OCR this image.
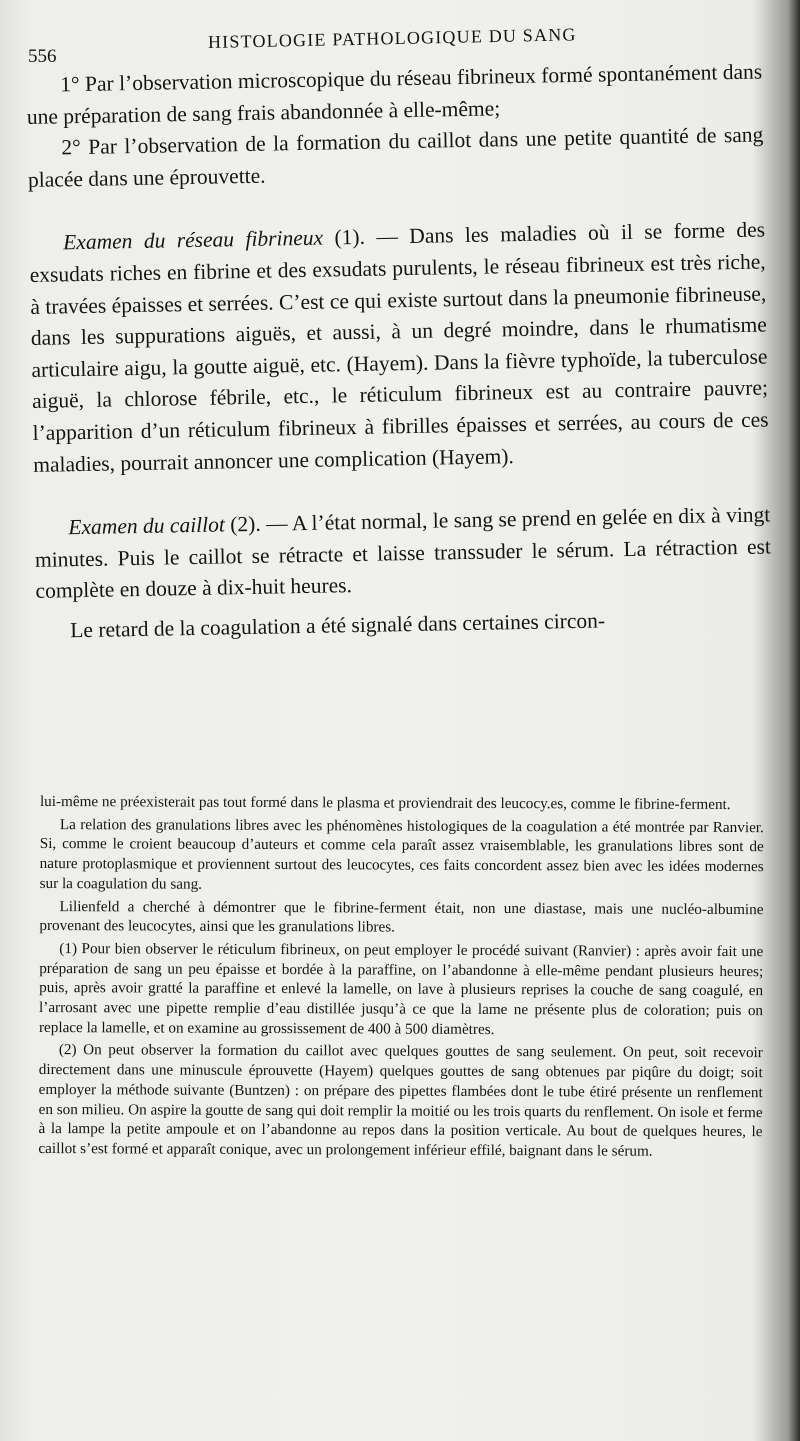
556
HISTOLOGIE PATHOLOGIQUE DU SANG

1° Par l’observation microscopique du réseau fibrineux formé spontanément dans une préparation de sang frais abandonnée à elle-même;

2° Par l’observation de la formation du caillot dans une petite quantité de sang placée dans une éprouvette.

Examen du réseau fibrineux (1). — Dans les maladies où il se forme des exsudats riches en fibrine et des exsudats purulents, le réseau fibrineux est très riche, à travées épaisses et serrées. C’est ce qui existe surtout dans la pneumonie fibrineuse, dans les suppurations aiguës, et aussi, à un degré moindre, dans le rhumatisme articulaire aigu, la goutte aiguë, etc. (Hayem). Dans la fièvre typhoïde, la tuberculose aiguë, la chlorose fébrile, etc., le réticulum fibrineux est au contraire pauvre; l’apparition d’un réticulum fibrineux à fibrilles épaisses et serrées, au cours de ces maladies, pourrait annoncer une complication (Hayem).

Examen du caillot (2). — A l’état normal, le sang se prend en gelée en dix à vingt minutes. Puis le caillot se rétracte et laisse transsuder le sérum. La rétraction est complète en douze à dix-huit heures.

Le retard de la coagulation a été signalé dans certaines circon-

lui-même ne préexisterait pas tout formé dans le plasma et proviendrait des leucocy.es, comme le fibrine-ferment.

La relation des granulations libres avec les phénomènes histologiques de la coagulation a été montrée par Ranvier. Si, comme le croient beaucoup d’auteurs et comme cela paraît assez vraisemblable, les granulations libres sont de nature protoplasmique et proviennent surtout des leucocytes, ces faits concordent assez bien avec les idées modernes sur la coagulation du sang.

Lilienfeld a cherché à démontrer que le fibrine-ferment était, non une diastase, mais une nucléo-albumine provenant des leucocytes, ainsi que les granulations libres.

(1) Pour bien observer le réticulum fibrineux, on peut employer le procédé suivant (Ranvier) : après avoir fait une préparation de sang un peu épaisse et bordée à la paraffine, on l’abandonne à elle-même pendant plusieurs heures; puis, après avoir gratté la paraffine et enlevé la lamelle, on lave à plusieurs reprises la couche de sang coagulé, en l’arrosant avec une pipette remplie d’eau distillée jusqu’à ce que la lame ne présente plus de coloration; puis on replace la lamelle, et on examine au grossissement de 400 à 500 diamètres.

(2) On peut observer la formation du caillot avec quelques gouttes de sang seulement. On peut, soit recevoir directement dans une minuscule éprouvette (Hayem) quelques gouttes de sang obtenues par piqûre du doigt; soit employer la méthode suivante (Buntzen) : on prépare des pipettes flambées dont le tube étiré présente un renflement en son milieu. On aspire la goutte de sang qui doit remplir la moitié ou les trois quarts du renflement. On isole et ferme à la lampe la petite ampoule et on l’abandonne au repos dans la position verticale. Au bout de quelques heures, le caillot s’est formé et apparaît conique, avec un prolongement inférieur effilé, baignant dans le sérum.
